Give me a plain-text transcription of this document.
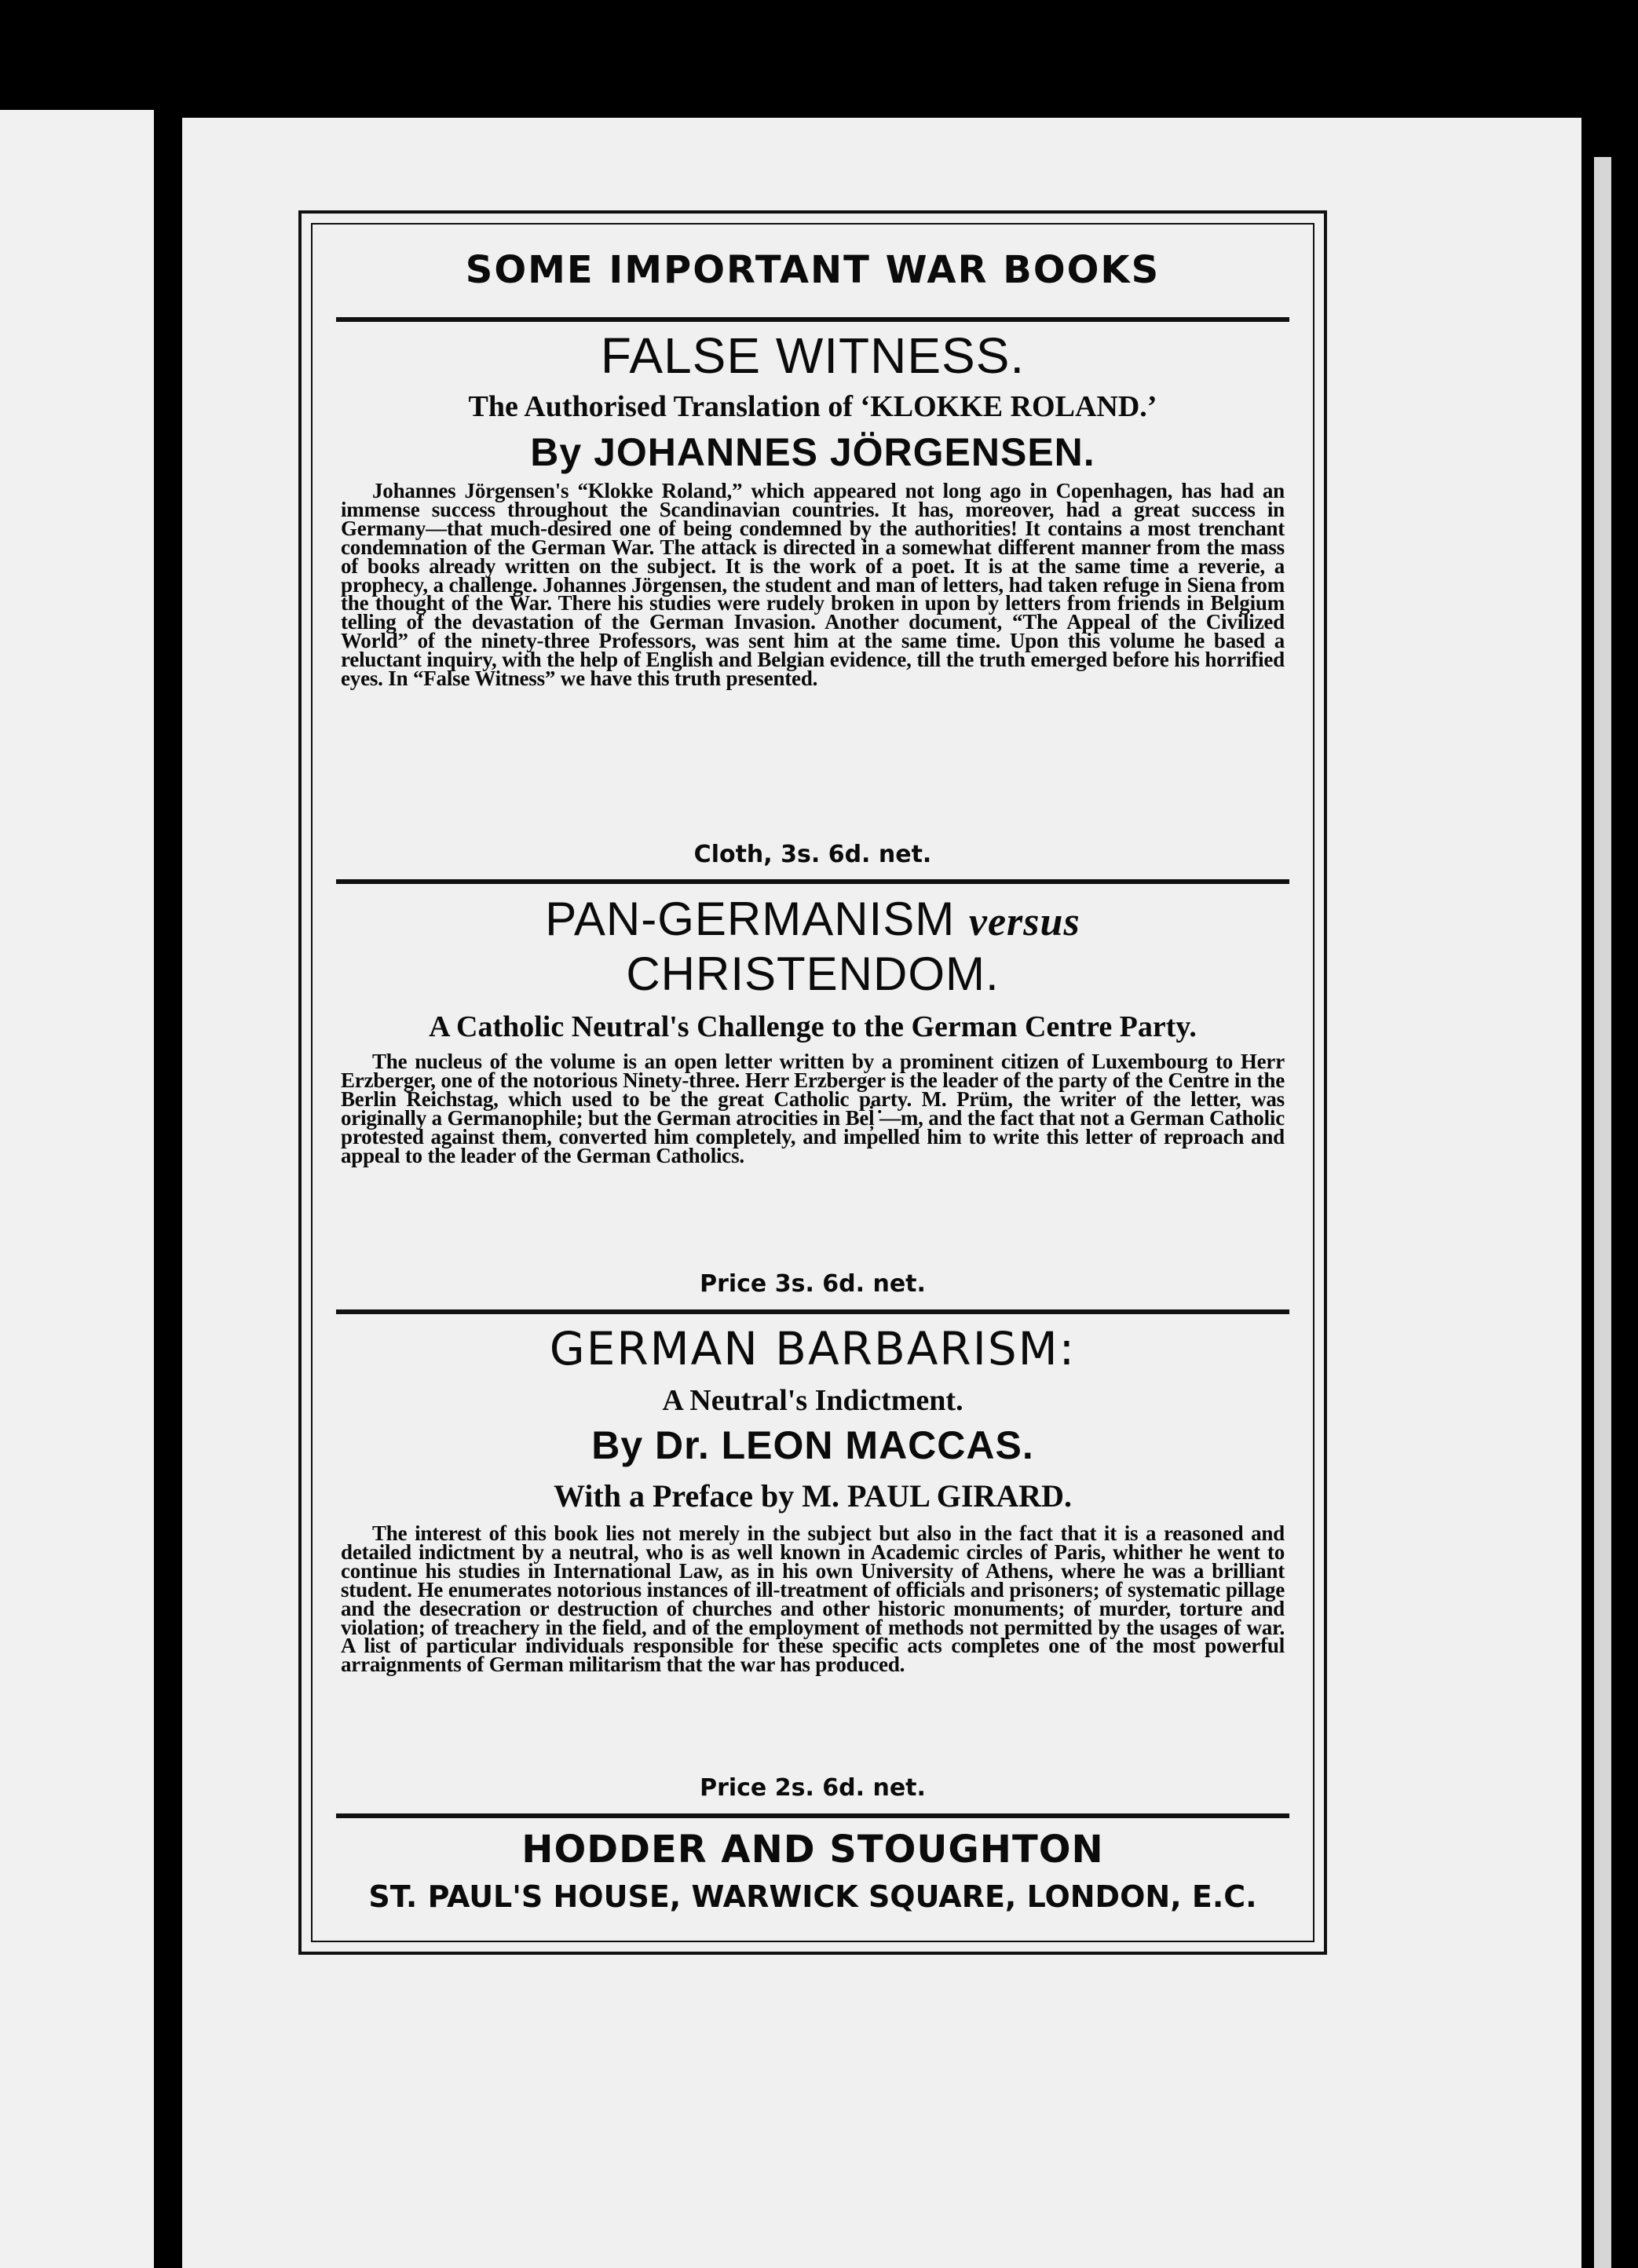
SOME IMPORTANT WAR BOOKS
FALSE WITNESS.
The Authorised Translation of ‘KLOKKE ROLAND.’
By JOHANNES JÖRGENSEN.
Johannes Jörgensen's “Klokke Roland,” which appeared not long ago in Copenhagen, has had an immense success throughout the Scandinavian countries. It has, moreover, had a great success in Germany—that much-desired one of being condemned by the authorities! It contains a most trenchant condemnation of the German War. The attack is directed in a somewhat different manner from the mass of books already written on the subject. It is the work of a poet. It is at the same time a reverie, a prophecy, a challenge. Johannes Jörgensen, the student and man of letters, had taken refuge in Siena from the thought of the War. There his studies were rudely broken in upon by letters from friends in Belgium telling of the devastation of the German Invasion. Another document, “The Appeal of the Civilized World” of the ninety-three Professors, was sent him at the same time. Upon this volume he based a reluctant inquiry, with the help of English and Belgian evidence, till the truth emerged before his horrified eyes. In “False Witness” we have this truth presented.
Cloth, 3s. 6d. net.
PAN-GERMANISM versus
CHRISTENDOM.
A Catholic Neutral's Challenge to the German Centre Party.
The nucleus of the volume is an open letter written by a prominent citizen of Luxembourg to Herr Erzberger, one of the notorious Ninety-three. Herr Erzberger is the leader of the party of the Centre in the Berlin Reichstag, which used to be the great Catholic party. M. Prüm, the writer of the letter, was originally a Germanophile; but the German atrocities in Bel̦̇ ̇―m, and the fact that not a German Catholic protested against them, converted him completely, and impelled him to write this letter of reproach and appeal to the leader of the German Catholics.
Price 3s. 6d. net.
GERMAN BARBARISM:
A Neutral's Indictment.
By Dr. LEON MACCAS.
With a Preface by M. PAUL GIRARD.
The interest of this book lies not merely in the subject but also in the fact that it is a reasoned and detailed indictment by a neutral, who is as well known in Academic circles of Paris, whither he went to continue his studies in International Law, as in his own University of Athens, where he was a brilliant student. He enumerates notorious instances of ill-treatment of officials and prisoners; of systematic pillage and the desecration or destruction of churches and other historic monuments; of murder, torture and violation; of treachery in the field, and of the employment of methods not permitted by the usages of war. A list of particular individuals responsible for these specific acts completes one of the most powerful arraignments of German militarism that the war has produced.
Price 2s. 6d. net.
HODDER AND STOUGHTON
ST. PAUL'S HOUSE, WARWICK SQUARE, LONDON, E.C.
